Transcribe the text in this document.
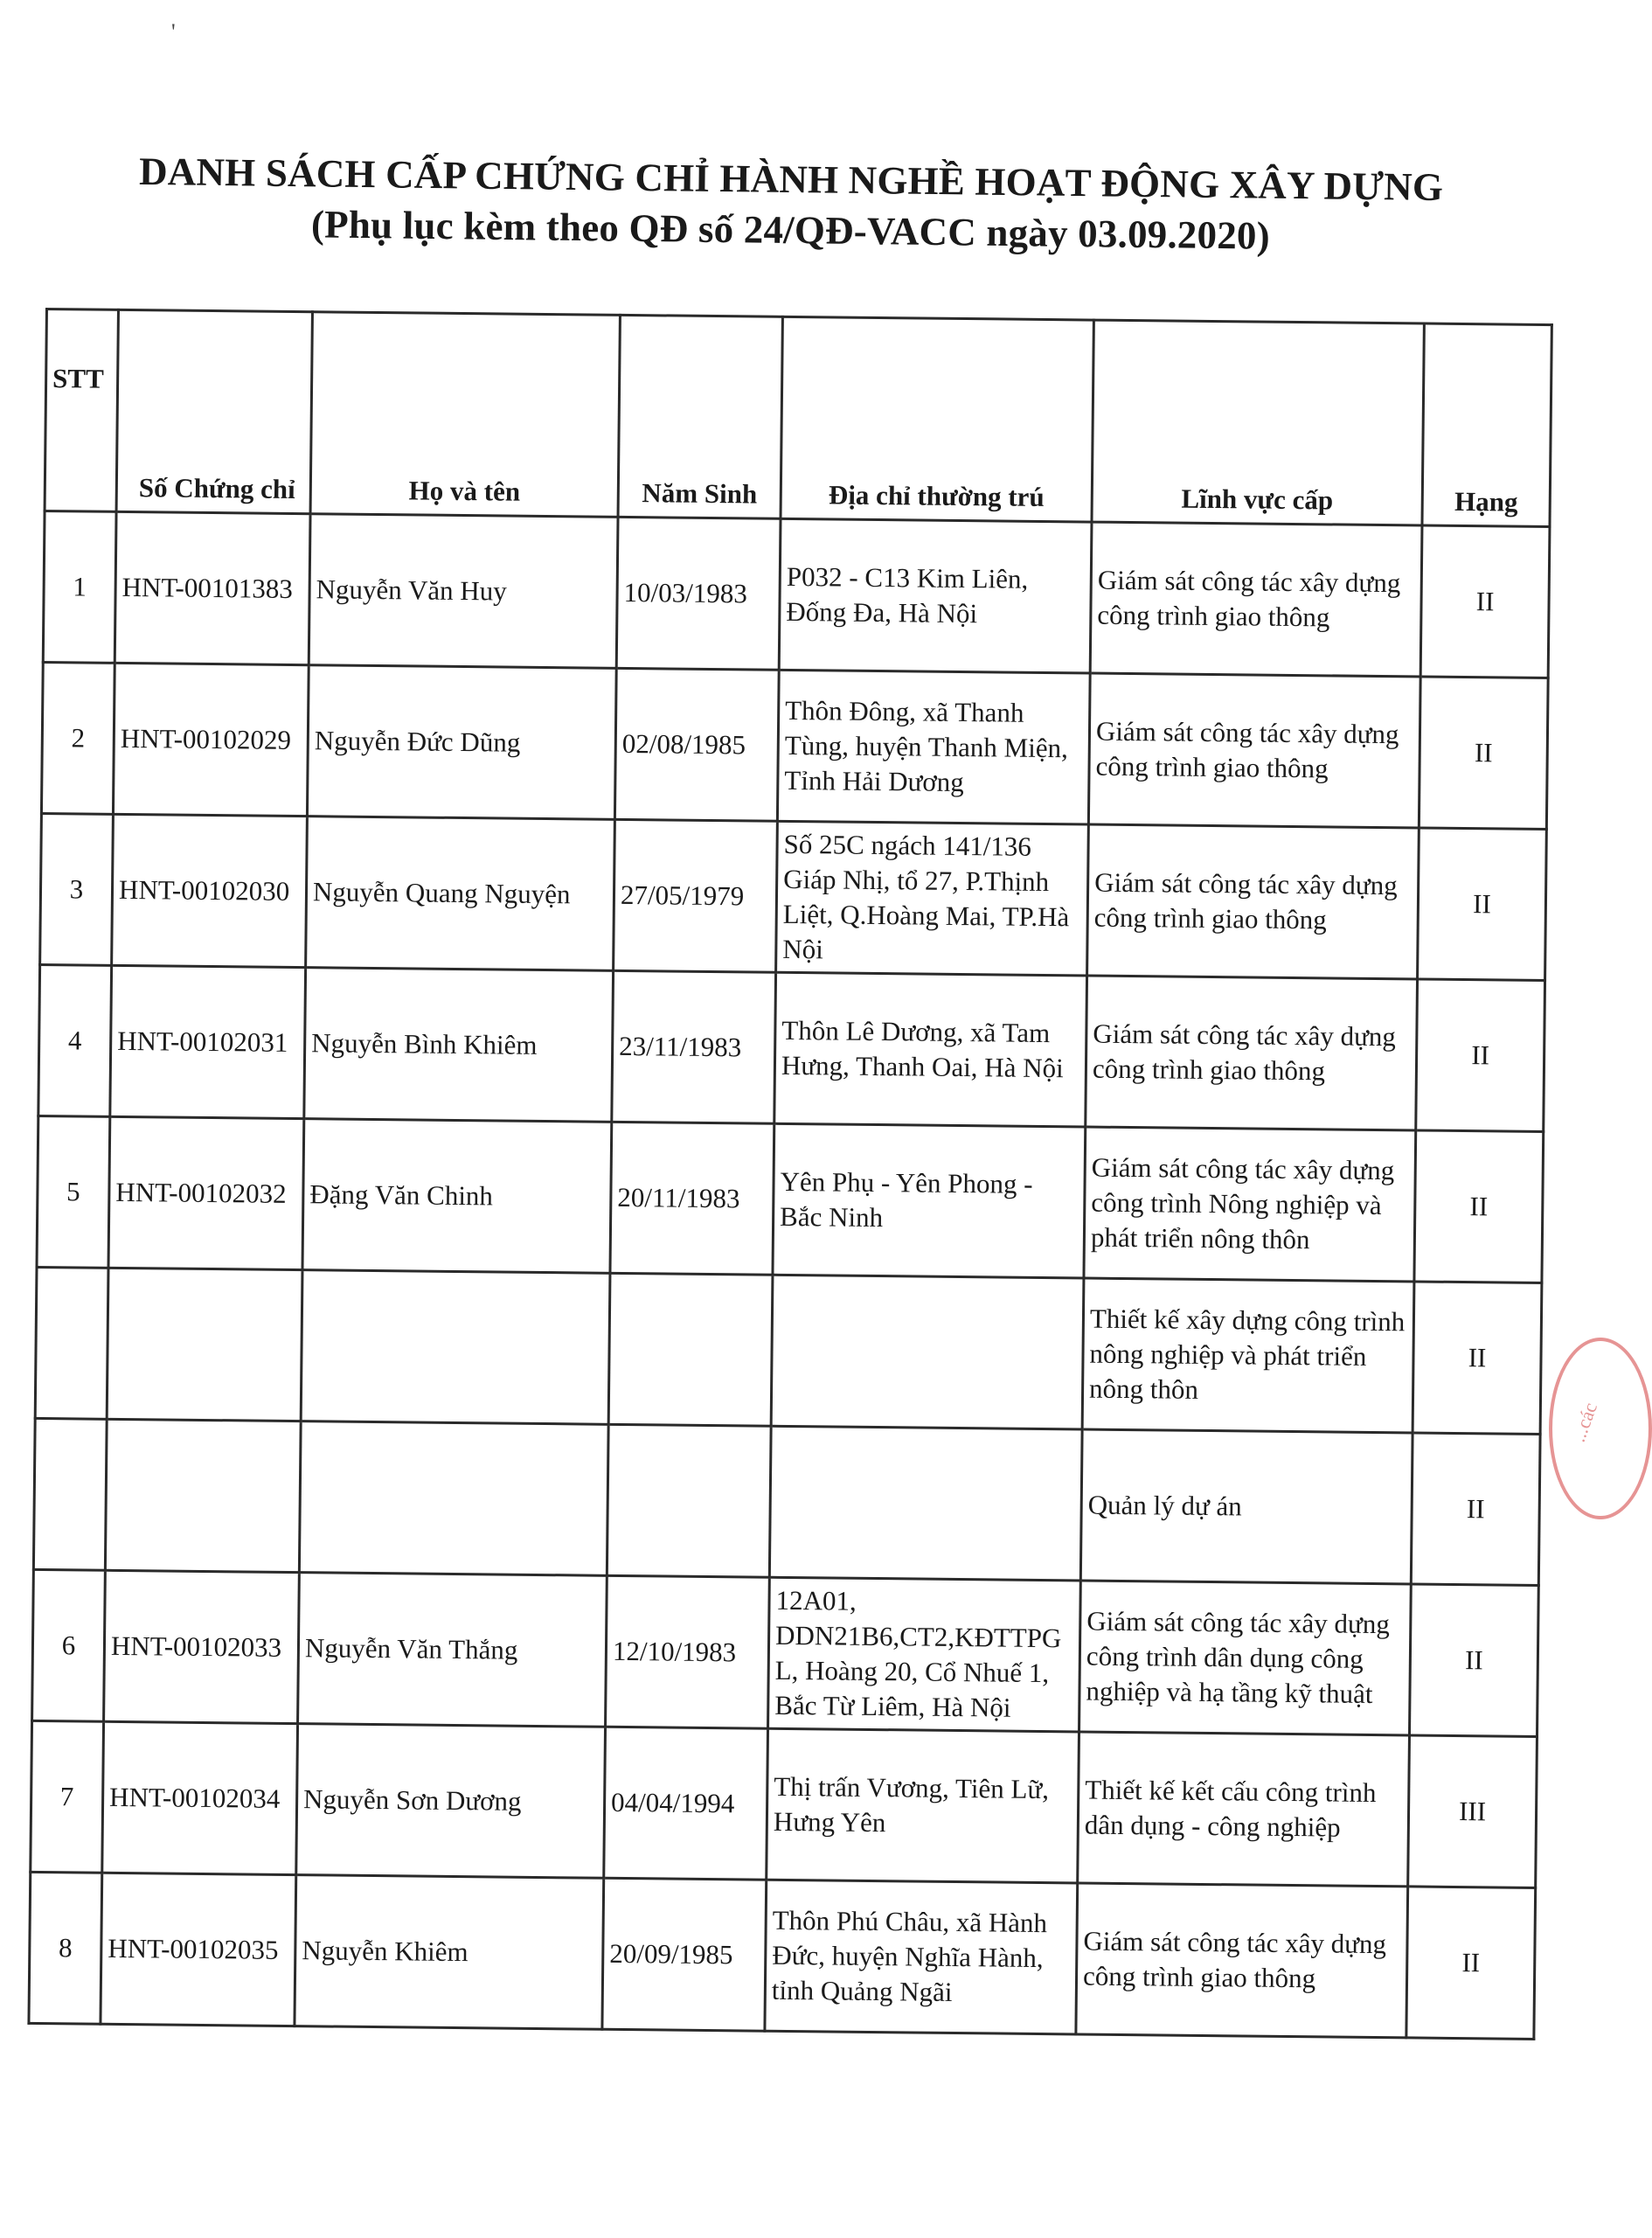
'
DANH SÁCH CẤP CHỨNG CHỈ HÀNH NGHỀ HOẠT ĐỘNG XÂY DỰNG
(Phụ lục kèm theo QĐ số 24/QĐ-VACC ngày 03.09.2020)
STT	Số Chứng chỉ	Họ và tên	Năm Sinh	Địa chỉ thường trú	Lĩnh vực cấp	Hạng
1	HNT-00101383	Nguyễn Văn Huy	10/03/1983	P032 - C13 Kim Liên, Đống Đa, Hà Nội	Giám sát công tác xây dựng công trình giao thông	II
2	HNT-00102029	Nguyễn Đức Dũng	02/08/1985	Thôn Đông, xã Thanh Tùng, huyện Thanh Miện, Tỉnh Hải Dương	Giám sát công tác xây dựng công trình giao thông	II
3	HNT-00102030	Nguyễn Quang Nguyện	27/05/1979	Số 25C ngách 141/136 Giáp Nhị, tổ 27, P.Thịnh Liệt, Q.Hoàng Mai, TP.Hà Nội	Giám sát công tác xây dựng công trình giao thông	II
4	HNT-00102031	Nguyễn Bình Khiêm	23/11/1983	Thôn Lê Dương, xã Tam Hưng, Thanh Oai, Hà Nội	Giám sát công tác xây dựng công trình giao thông	II
5	HNT-00102032	Đặng Văn Chinh	20/11/1983	Yên Phụ - Yên Phong - Bắc Ninh	Giám sát công tác xây dựng công trình Nông nghiệp và phát triển nông thôn	II
					Thiết kế xây dựng công trình nông nghiệp và phát triển nông thôn	II
					Quản lý dự án	II
6	HNT-00102033	Nguyễn Văn Thắng	12/10/1983	12A01, DDN21B6,CT2,KĐTTPG L, Hoàng 20, Cổ Nhuế 1, Bắc Từ Liêm, Hà Nội	Giám sát công tác xây dựng công trình dân dụng công nghiệp và hạ tầng kỹ thuật	II
7	HNT-00102034	Nguyễn Sơn Dương	04/04/1994	Thị trấn Vương, Tiên Lữ, Hưng Yên	Thiết kế kết cấu công trình dân dụng - công nghiệp	III
8	HNT-00102035	Nguyễn Khiêm	20/09/1985	Thôn Phú Châu, xã Hành Đức, huyện Nghĩa Hành, tỉnh Quảng Ngãi	Giám sát công tác xây dựng công trình giao thông	II
...các
